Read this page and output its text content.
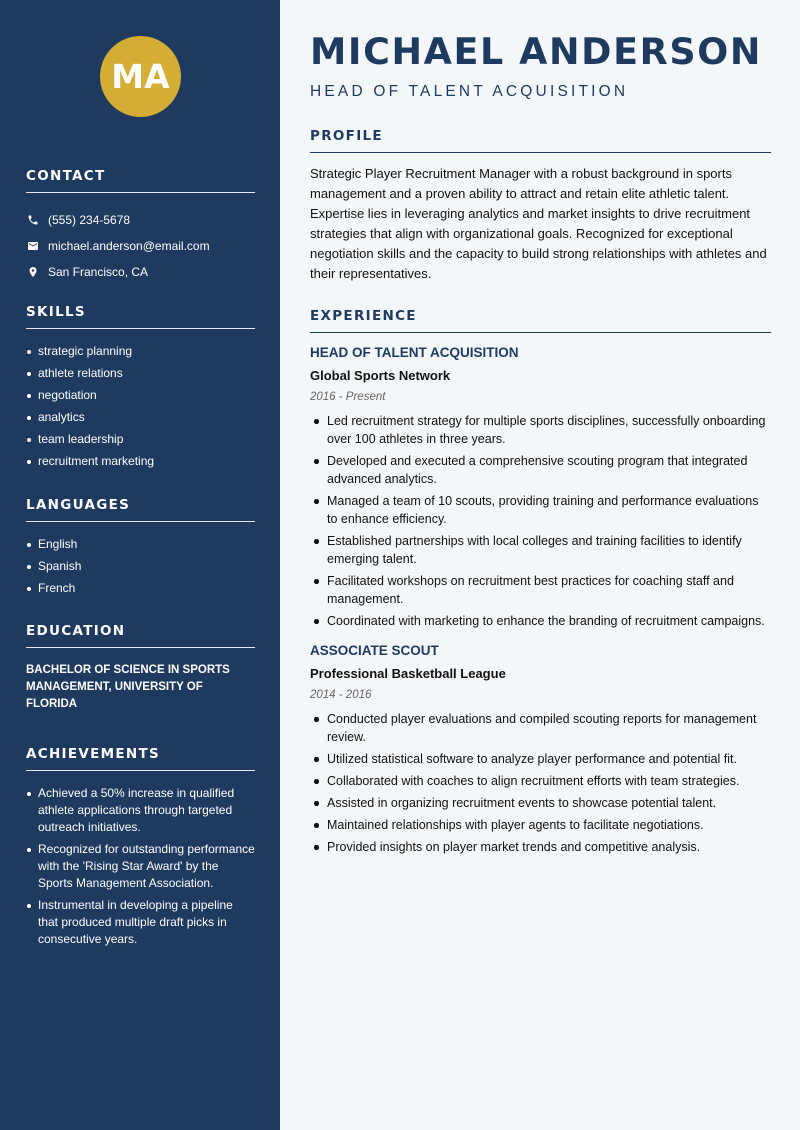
MA
CONTACT
(555) 234-5678
michael.anderson@email.com
San Francisco, CA
SKILLS
strategic planning
athlete relations
negotiation
analytics
team leadership
recruitment marketing
LANGUAGES
English
Spanish
French
EDUCATION
BACHELOR OF SCIENCE IN SPORTS MANAGEMENT, UNIVERSITY OF FLORIDA
ACHIEVEMENTS
Achieved a 50% increase in qualified athlete applications through targeted outreach initiatives.
Recognized for outstanding performance with the 'Rising Star Award' by the Sports Management Association.
Instrumental in developing a pipeline that produced multiple draft picks in consecutive years.
MICHAEL ANDERSON
HEAD OF TALENT ACQUISITION
PROFILE

Strategic Player Recruitment Manager with a robust background in sports management and a proven ability to attract and retain elite athletic talent. Expertise lies in leveraging analytics and market insights to drive recruitment strategies that align with organizational goals. Recognized for exceptional negotiation skills and the capacity to build strong relationships with athletes and their representatives.

EXPERIENCE
HEAD OF TALENT ACQUISITION
Global Sports Network
2016 - Present
Led recruitment strategy for multiple sports disciplines, successfully onboarding over 100 athletes in three years.
Developed and executed a comprehensive scouting program that integrated advanced analytics.
Managed a team of 10 scouts, providing training and performance evaluations to enhance efficiency.
Established partnerships with local colleges and training facilities to identify emerging talent.
Facilitated workshops on recruitment best practices for coaching staff and management.
Coordinated with marketing to enhance the branding of recruitment campaigns.
ASSOCIATE SCOUT
Professional Basketball League
2014 - 2016
Conducted player evaluations and compiled scouting reports for management review.
Utilized statistical software to analyze player performance and potential fit.
Collaborated with coaches to align recruitment efforts with team strategies.
Assisted in organizing recruitment events to showcase potential talent.
Maintained relationships with player agents to facilitate negotiations.
Provided insights on player market trends and competitive analysis.
